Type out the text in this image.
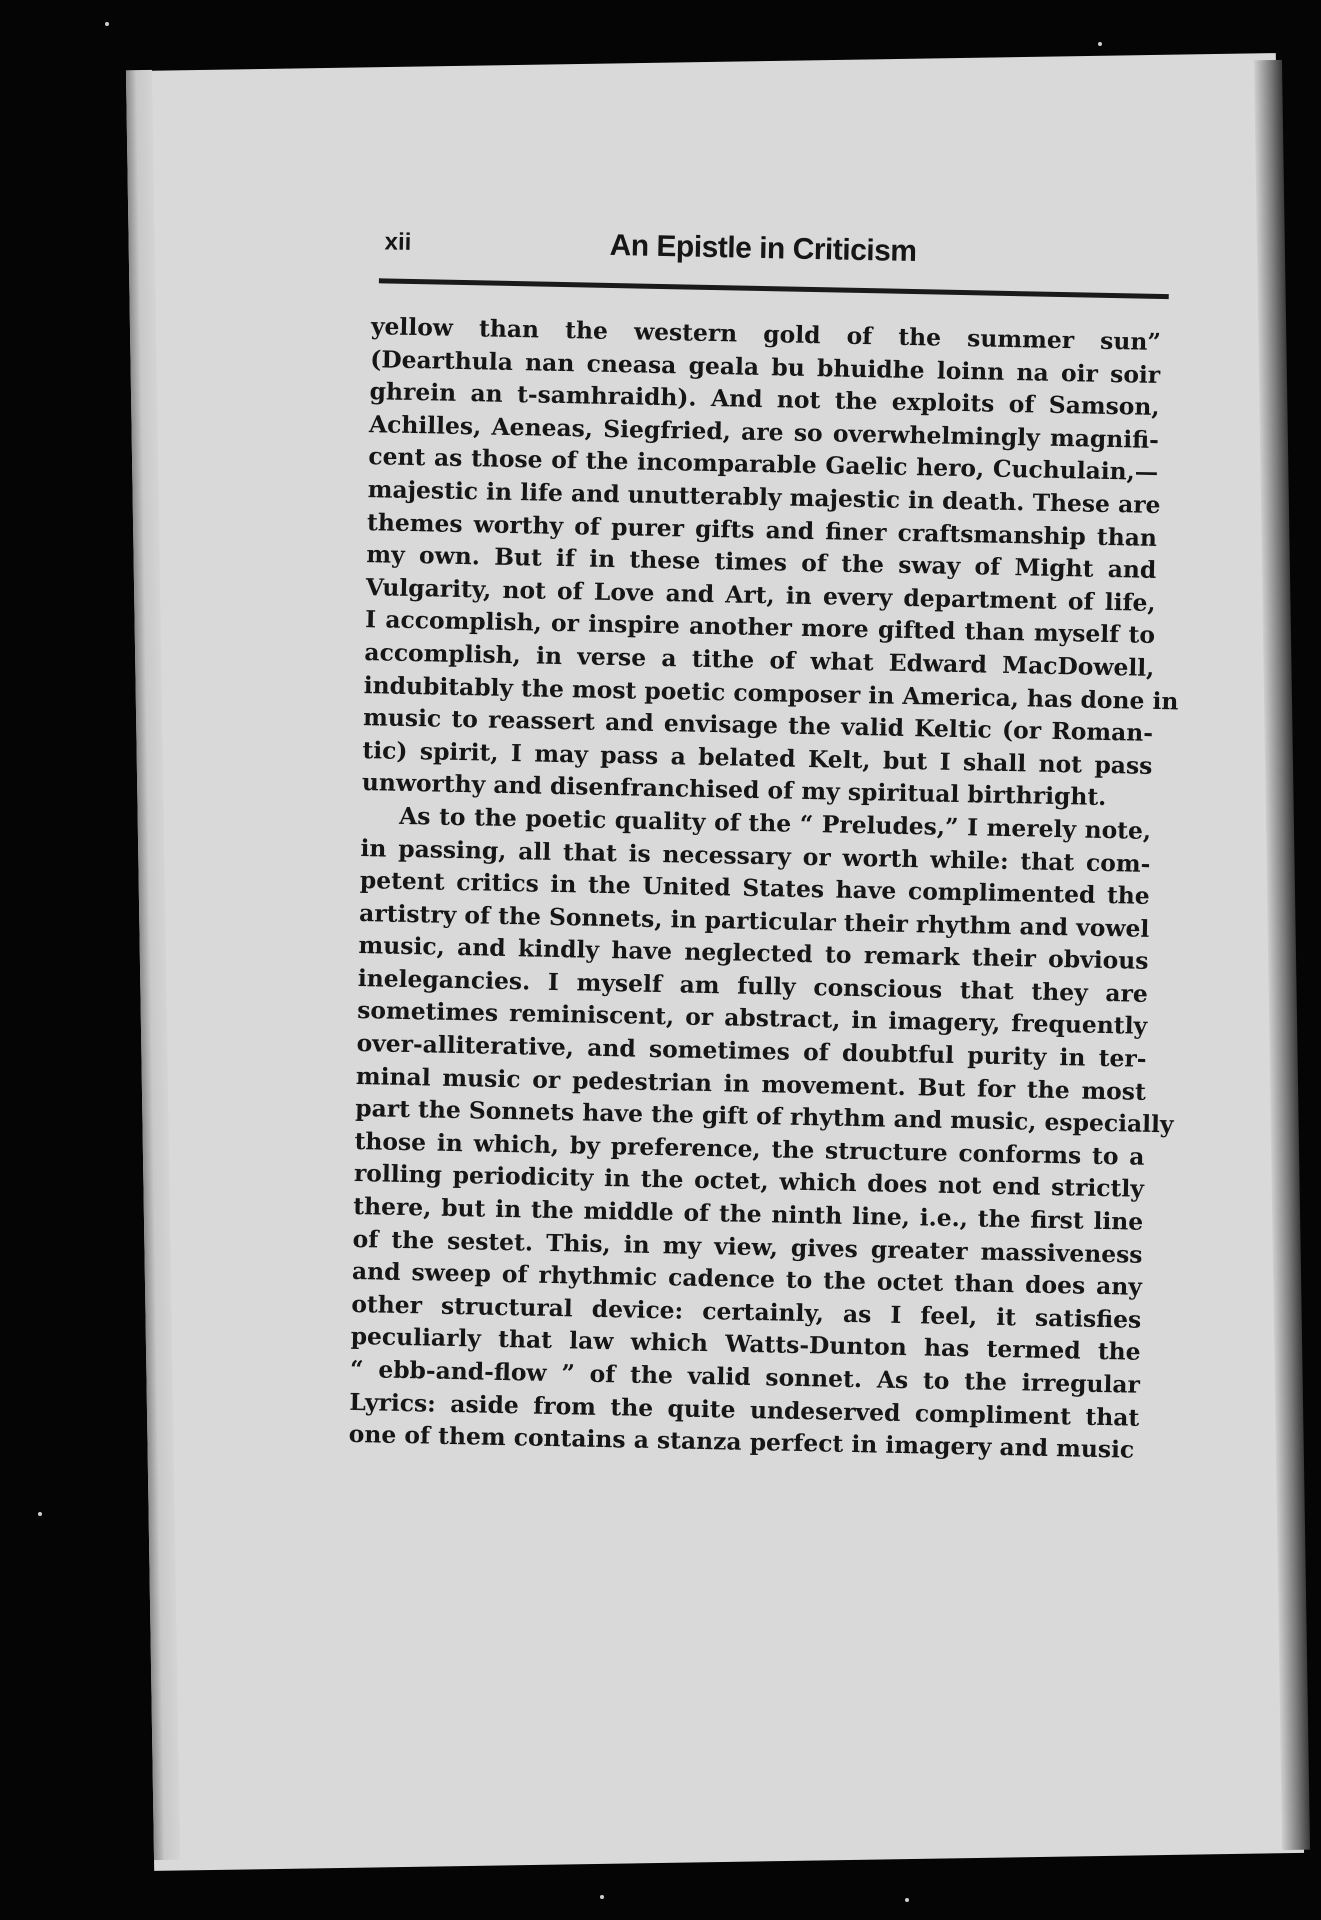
xii	An Epistle in Criticism
yellow than the western gold of the summer sun”
(Dearthula nan cneasa geala bu bhuidhe loinn na oir soir
ghrein an t-samhraidh). And not the exploits of Samson,
Achilles, Aeneas, Siegfried, are so overwhelmingly magnifi-
cent as those of the incomparable Gaelic hero, Cuchulain,—
majestic in life and unutterably majestic in death. These are
themes worthy of purer gifts and finer craftsmanship than
my own. But if in these times of the sway of Might and
Vulgarity, not of Love and Art, in every department of life,
I accomplish, or inspire another more gifted than myself to
accomplish, in verse a tithe of what Edward MacDowell,
indubitably the most poetic composer in America, has done in
music to reassert and envisage the valid Keltic (or Roman-
tic) spirit, I may pass a belated Kelt, but I shall not pass
unworthy and disenfranchised of my spiritual birthright.
As to the poetic quality of the “ Preludes,” I merely note,
in passing, all that is necessary or worth while: that com-
petent critics in the United States have complimented the
artistry of the Sonnets, in particular their rhythm and vowel
music, and kindly have neglected to remark their obvious
inelegancies. I myself am fully conscious that they are
sometimes reminiscent, or abstract, in imagery, frequently
over-alliterative, and sometimes of doubtful purity in ter-
minal music or pedestrian in movement. But for the most
part the Sonnets have the gift of rhythm and music, especially
those in which, by preference, the structure conforms to a
rolling periodicity in the octet, which does not end strictly
there, but in the middle of the ninth line, i.e., the first line
of the sestet. This, in my view, gives greater massiveness
and sweep of rhythmic cadence to the octet than does any
other structural device: certainly, as I feel, it satisfies
peculiarly that law which Watts-Dunton has termed the
“ ebb-and-flow ” of the valid sonnet. As to the irregular
Lyrics: aside from the quite undeserved compliment that
one of them contains a stanza perfect in imagery and music
